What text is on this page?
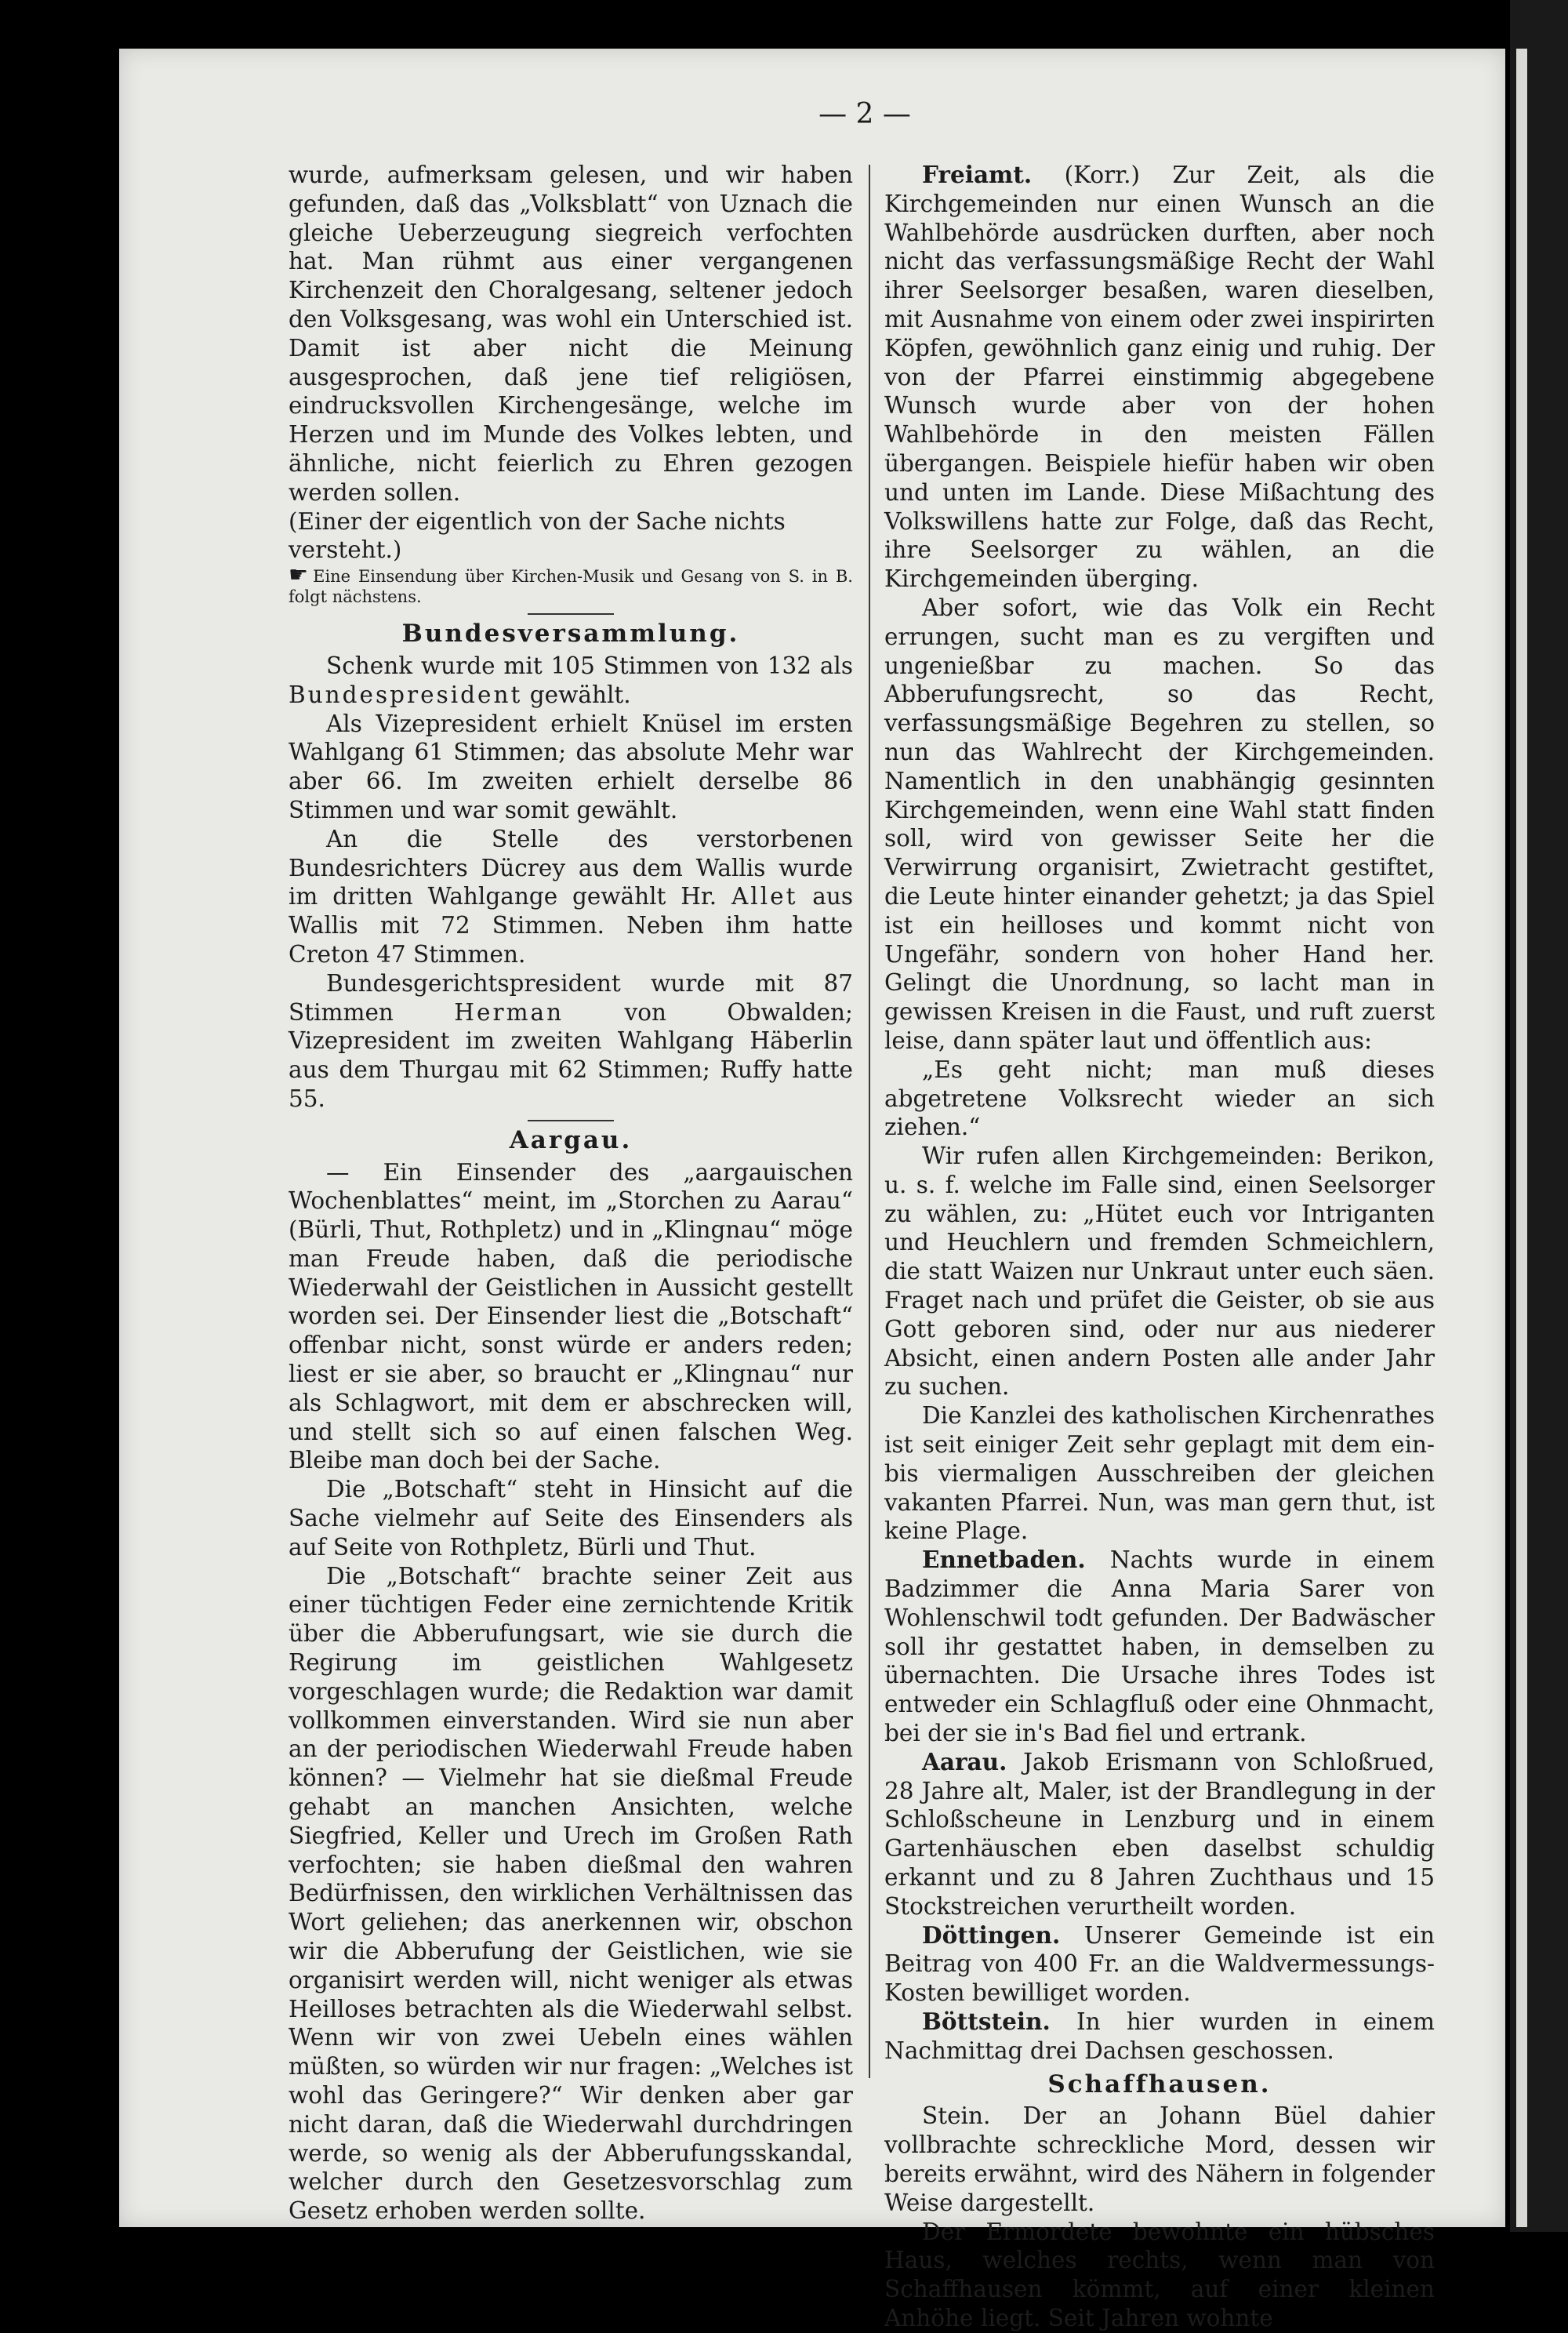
— 2 —

wurde, aufmerksam gelesen, und wir haben gefunden, daß das „Volksblatt“ von Uznach die gleiche Ueberzeugung siegreich verfochten hat. Man rühmt aus einer vergangenen Kirchenzeit den Choralgesang, seltener jedoch den Volksgesang, was wohl ein Unterschied ist. Damit ist aber nicht die Meinung ausgesprochen, daß jene tief religiösen, eindrucksvollen Kirchengesänge, welche im Herzen und im Munde des Volkes lebten, und ähnliche, nicht feierlich zu Ehren gezogen werden sollen.

(Einer der eigentlich von der Sache nichts versteht.)

☛ Eine Einsendung über Kirchen-Musik und Gesang von S. in B. folgt nächstens.

Bundesversammlung.

Schenk wurde mit 105 Stimmen von 132 als Bundespresident gewählt.

Als Vizepresident erhielt Knüsel im ersten Wahlgang 61 Stimmen; das absolute Mehr war aber 66. Im zweiten erhielt derselbe 86 Stimmen und war somit gewählt.

An die Stelle des verstorbenen Bundesrichters Dücrey aus dem Wallis wurde im dritten Wahlgange gewählt Hr. Allet aus Wallis mit 72 Stimmen. Neben ihm hatte Creton 47 Stimmen.

Bundesgerichtspresident wurde mit 87 Stimmen	Herman	von Obwalden; Vizepresident im zweiten Wahlgang Häberlin aus dem Thurgau mit 62 Stimmen; Ruffy hatte 55.

Aargau.

— Ein Einsender des „aargauischen Wochenblattes“ meint, im „Storchen zu Aarau“ (Bürli, Thut, Rothpletz) und in „Klingnau“ möge man Freude haben, daß die periodische Wiederwahl der Geistlichen in Aussicht gestellt worden sei. Der Einsender liest die „Botschaft“ offenbar nicht, sonst würde er anders reden; liest er sie aber, so braucht er „Klingnau“ nur als Schlagwort, mit dem er abschrecken will, und stellt sich so auf einen falschen Weg. Bleibe man doch bei der Sache.

Die „Botschaft“ steht in Hinsicht auf die Sache vielmehr auf Seite des Einsenders als auf Seite von Rothpletz, Bürli und Thut.

Die „Botschaft“ brachte seiner Zeit aus einer tüchtigen Feder eine zernichtende Kritik über die Abberufungsart, wie sie durch die Regirung im geistlichen Wahlgesetz vorgeschlagen wurde; die Redaktion war damit vollkommen einverstanden. Wird sie nun aber an der periodischen Wiederwahl Freude haben können? — Vielmehr hat sie dießmal Freude gehabt an manchen Ansichten, welche Siegfried, Keller und Urech im Großen Rath verfochten; sie haben dießmal den wahren Bedürfnissen, den wirklichen Verhältnissen das Wort geliehen; das anerkennen wir, obschon wir die Abberufung der Geistlichen, wie sie organisirt werden will, nicht weniger als etwas Heilloses betrachten als die Wiederwahl selbst. Wenn wir von zwei Uebeln eines wählen müßten, so würden wir nur fragen: „Welches ist wohl das Geringere?“ Wir denken aber gar nicht daran, daß die Wiederwahl durchdringen werde, so wenig als der Abberufungsskandal, welcher durch den Gesetzesvorschlag zum Gesetz erhoben werden sollte.

Freiamt. (Korr.) Zur Zeit, als die Kirchgemeinden nur einen Wunsch an die Wahlbehörde ausdrücken durften, aber noch nicht das verfassungsmäßige Recht der Wahl ihrer Seelsorger besaßen, waren dieselben, mit Ausnahme von einem oder zwei inspirirten Köpfen, gewöhnlich ganz einig und ruhig. Der von der Pfarrei einstimmig abgegebene Wunsch wurde aber von der hohen Wahlbehörde in den meisten Fällen übergangen. Beispiele hiefür haben wir oben und unten im Lande. Diese Mißachtung des Volkswillens hatte zur Folge, daß das Recht, ihre Seelsorger zu wählen, an die Kirchgemeinden überging.

Aber sofort, wie das Volk ein Recht errungen, sucht man es zu vergiften und ungenießbar zu machen. So das Abberufungsrecht, so das Recht, verfassungsmäßige Begehren zu stellen, so nun das Wahlrecht der Kirchgemeinden. Namentlich in den unabhängig gesinnten Kirchgemeinden, wenn eine Wahl statt finden soll, wird von gewisser Seite her die Verwirrung organisirt, Zwietracht gestiftet, die Leute hinter einander gehetzt; ja das Spiel ist ein heilloses und kommt nicht von Ungefähr, sondern von hoher Hand her. Gelingt die Unordnung, so lacht man in gewissen Kreisen in die Faust, und ruft zuerst leise, dann später laut und öffentlich aus:

„Es geht nicht; man muß dieses abgetretene Volksrecht wieder an sich ziehen.“

Wir rufen allen Kirchgemeinden: Berikon, u. s. f. welche im Falle sind, einen Seelsorger zu wählen, zu: „Hütet euch vor Intriganten und Heuchlern und fremden Schmeichlern, die statt Waizen nur Unkraut unter euch säen. Fraget nach und prüfet die Geister, ob sie aus Gott geboren sind, oder nur aus niederer Absicht, einen andern Posten alle ander Jahr zu suchen.

Die Kanzlei des katholischen Kirchenrathes ist seit einiger Zeit sehr geplagt mit dem ein- bis viermaligen Ausschreiben der gleichen vakanten Pfarrei. Nun, was man gern thut, ist keine Plage.

Ennetbaden. Nachts wurde in einem Badzimmer die Anna Maria Sarer von Wohlenschwil todt gefunden. Der Badwäscher soll ihr gestattet haben, in demselben zu übernachten. Die Ursache ihres Todes ist entweder ein Schlagfluß oder eine Ohnmacht, bei der sie in's Bad fiel und ertrank.

Aarau. Jakob Erismann von Schloßrued, 28 Jahre alt, Maler, ist der Brandlegung in der Schloßscheune in Lenzburg und in einem Gartenhäuschen eben daselbst schuldig erkannt und zu 8 Jahren Zuchthaus und 15 Stockstreichen verurtheilt worden.

Döttingen. Unserer Gemeinde ist ein Beitrag von 400 Fr. an die Waldvermessungs-Kosten bewilliget worden.

Böttstein. In hier wurden in einem Nachmittag drei Dachsen geschossen.

Schaffhausen.

Stein. Der an Johann Büel dahier vollbrachte schreckliche Mord, dessen wir bereits erwähnt, wird des Nähern in folgender Weise dargestellt.

Der Ermordete bewohnte ein hübsches Haus, welches rechts, wenn man von Schaffhausen kömmt, auf einer kleinen Anhöhe liegt. Seit Jahren wohnte
